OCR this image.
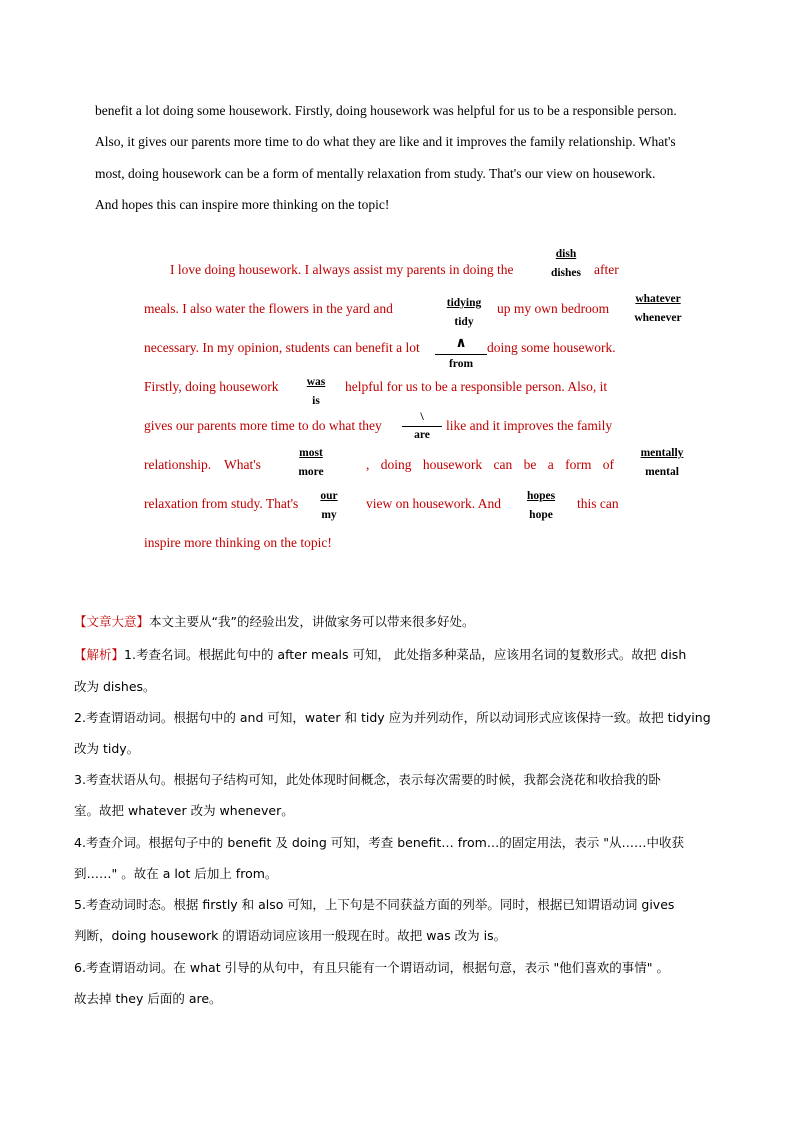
benefit a lot doing some housework. Firstly, doing housework was helpful for us to be a responsible person.
Also, it gives our parents more time to do what they are like and it improves the family relationship. What's
most, doing housework can be a form of mentally relaxation from study. That's our view on housework.
And hopes this can inspire more thinking on the topic!
I love doing housework. I always assist my parents in doing the	after
meals. I also water the flowers in the yard and	up my own bedroom
necessary. In my opinion, students can benefit a lot	doing some housework.
Firstly, doing housework	helpful for us to be a responsible person. Also, it
gives our parents more time to do what they	like and it improves the family
relationship. What's	, doing housework can be a form of
relaxation from study. That's	view on housework. And	this can
inspire more thinking on the topic!
dish
dishes
tidying
tidy
whatever
whenever
∧
from
was
is
\
are
most
more
mentally
mental
our
my
hopes
hope
【文章大意】本文主要从“我”的经验出发，讲做家务可以带来很多好处。
【解析】1.考查名词。根据此句中的 after meals 可知， 此处指多种菜品，应该用名词的复数形式。故把 dish
改为 dishes。
2.考查谓语动词。根据句中的 and 可知，water 和 tidy 应为并列动作，所以动词形式应该保持一致。故把 tidying
改为 tidy。
3.考查状语从句。根据句子结构可知，此处体现时间概念，表示每次需要的时候，我都会浇花和收拾我的卧
室。故把 whatever 改为 whenever。
4.考查介词。根据句子中的 benefit 及 doing 可知，考查 benefit… from…的固定用法，表示 "从……中收获
到……" 。故在 a lot 后加上 from。
5.考查动词时态。根据 firstly 和 also 可知，上下句是不同获益方面的列举。同时，根据已知谓语动词 gives
判断，doing housework 的谓语动词应该用一般现在时。故把 was 改为 is。
6.考查谓语动词。在 what 引导的从句中，有且只能有一个谓语动词，根据句意，表示 "他们喜欢的事情" 。
故去掉 they 后面的 are。
